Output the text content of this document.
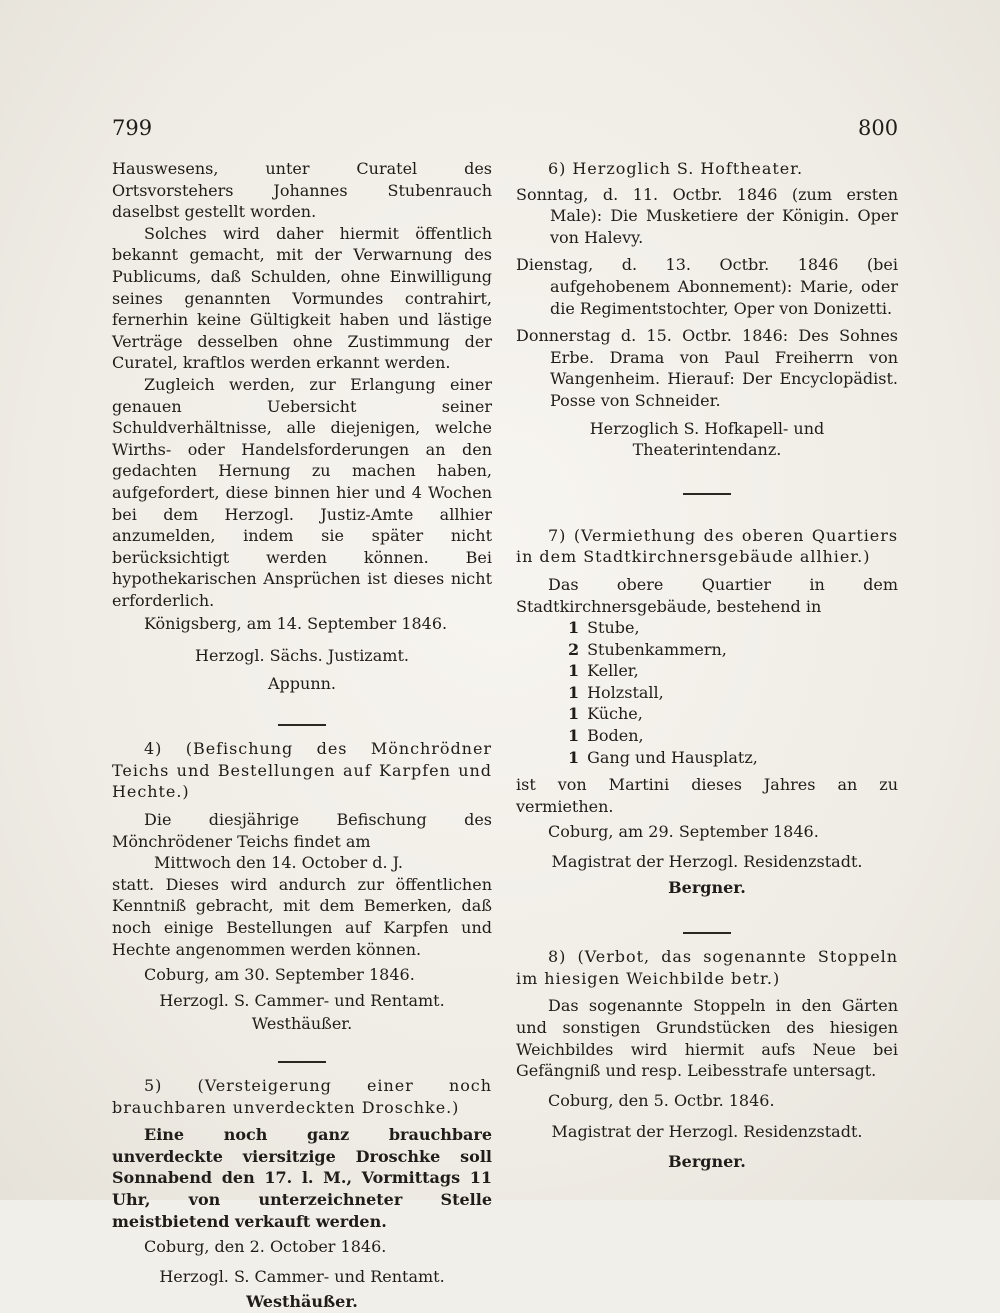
799	800

Hauswesens, unter Curatel des Ortsvorstehers Johannes Stubenrauch daselbst gestellt worden.

Solches wird daher hiermit öffentlich bekannt gemacht, mit der Verwarnung des Publicums, daß Schulden, ohne Einwilligung seines genannten Vormundes contrahirt, fernerhin keine Gültigkeit haben und lästige Verträge desselben ohne Zustimmung der Curatel, kraftlos werden erkannt werden.

Zugleich werden, zur Erlangung einer genauen Uebersicht seiner Schuldverhältnisse, alle diejenigen, welche Wirths- oder Handelsforderungen an den gedachten Hernung zu machen haben, aufgefordert, diese binnen hier und 4 Wochen bei dem Herzogl. Justiz-Amte allhier anzumelden, indem sie später nicht berücksichtigt werden können. Bei hypothekarischen Ansprüchen ist dieses nicht erforderlich.

Königsberg, am 14. September 1846.

Herzogl. Sächs. Justizamt.

Appunn.

4) (Befischung des Mönchrödner Teichs und Bestellungen auf Karpfen und Hechte.)

Die diesjährige Befischung des Mönchrödener Teichs findet am

Mittwoch den 14. October d. J.

statt. Dieses wird andurch zur öffentlichen Kenntniß gebracht, mit dem Bemerken, daß noch einige Bestellungen auf Karpfen und Hechte angenommen werden können.

Coburg, am 30. September 1846.

Herzogl. S. Cammer- und Rentamt.

Westhäußer.

5) (Versteigerung einer noch brauchbaren unverdeckten Droschke.)

Eine noch ganz brauchbare unverdeckte viersitzige Droschke soll Sonnabend den 17. l. M., Vormittags 11 Uhr, von unterzeichneter Stelle meistbietend verkauft werden.

Coburg, den 2. October 1846.

Herzogl. S. Cammer- und Rentamt.

Westhäußer.

6) Herzoglich S. Hoftheater.

Sonntag, d. 11. Octbr. 1846 (zum ersten Male): Die Musketiere der Königin. Oper von Halevy.

Dienstag, d. 13. Octbr. 1846 (bei aufgehobenem Abonnement): Marie, oder die Regimentstochter, Oper von Donizetti.

Donnerstag d. 15. Octbr. 1846: Des Sohnes Erbe. Drama von Paul Freiherrn von Wangenheim. Hierauf: Der Encyclopädist. Posse von Schneider.

Herzoglich S. Hofkapell- und Theaterintendanz.

7) (Vermiethung des oberen Quartiers in dem Stadtkirchnersgebäude allhier.)

Das obere Quartier in dem Stadtkirchnersgebäude, bestehend in

1 Stube,
2 Stubenkammern,
1 Keller,
1 Holzstall,
1 Küche,
1 Boden,
1 Gang und Hausplatz,

ist von Martini dieses Jahres an zu vermiethen.

Coburg, am 29. September 1846.

Magistrat der Herzogl. Residenzstadt.

Bergner.

8) (Verbot, das sogenannte Stoppeln im hiesigen Weichbilde betr.)

Das sogenannte Stoppeln in den Gärten und sonstigen Grundstücken des hiesigen Weichbildes wird hiermit aufs Neue bei Gefängniß und resp. Leibesstrafe untersagt.

Coburg, den 5. Octbr. 1846.

Magistrat der Herzogl. Residenzstadt.

Bergner.
